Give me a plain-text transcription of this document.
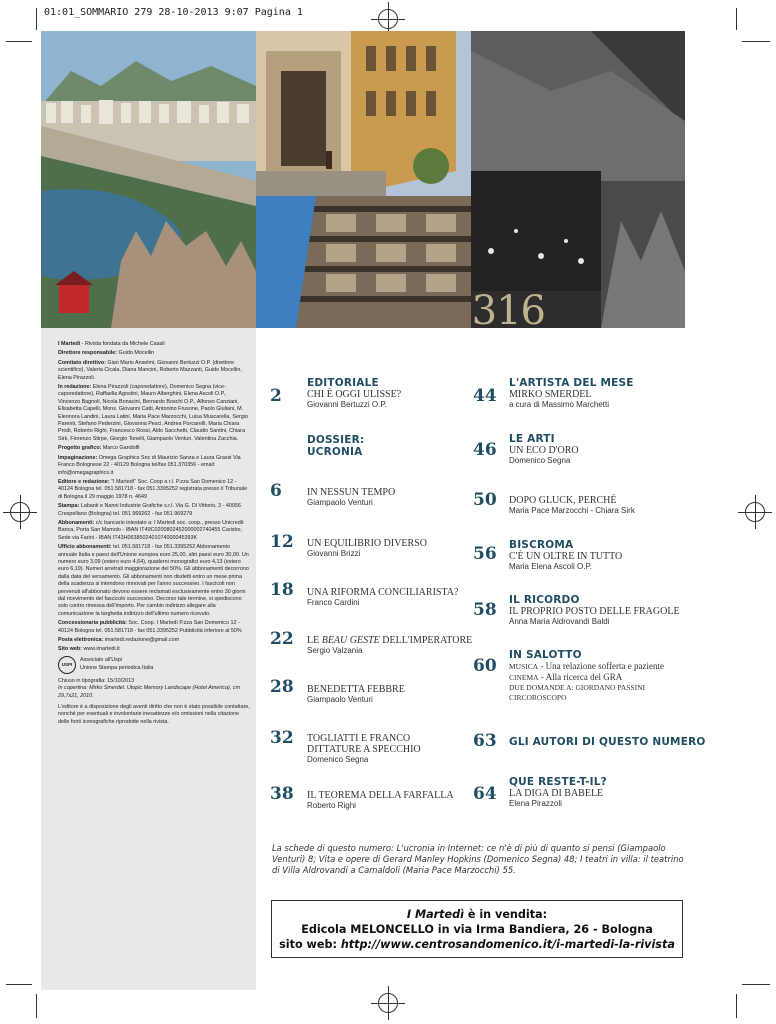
01:01_SOMMARIO 279 28-10-2013 9:07 Pagina 1
316

I Martedì - Rivista fondata da Michele Casali

Direttore responsabile: Guido Mocellin

Comitato direttivo: Gian Mario Anselmi, Giovanni Bertuzzi O.P. (direttore scientifico), Valeria Cicala, Diana Mancini, Roberto Mazzanti, Guido Mocellin, Elena Pirazzoli.

In redazione: Elena Pirazzoli (caporedattore), Domenico Segna (vice-caporedattore), Raffaella Agostini, Mauro Alberghini, Elena Ascoli O.P., Vincenzo Bagnoli, Nicola Bonacini, Bernardo Boschi O.P., Alfonso Canziani, Elisabetta Capelli, Mons. Giovanni Catti, Antonino Frusone, Paolo Giuliani, M. Eleonora Landini, Laura Latini, Maria Pace Marzocchi, Luisa Muscarella, Sergio Parenti, Stefano Pederzini, Giovanna Pesci, Andrea Porcarelli, Maria Chiara Prodi, Roberto Righi, Francesco Rossi, Aldo Sacchetti, Claudio Santini, Chiara Sirk, Fiorenzo Stirpe, Giorgio Tonelli, Giampaolo Venturi, Valentina Zacchia.

Progetto grafico: Marco Gandolfi

Impaginazione: Omega Graphics Snc di Maurizio Sanza e Laura Grassi Via Franco Bolognese 22 - 40129 Bologna tel/fax 051.370356 - email: info@omegagraphics.it

Editore e redazione: "I Martedì" Soc. Coop a r.l. P.zza San Domenico 12 - 40124 Bologna tel. 051.581718 - fax 051.3395252 registrata presso il Tribunale di Bologna il 29 maggio 1978 n. 4649

Stampa: Labanti e Nanni Industrie Grafiche s.r.l. Via G. Di Vittorio, 3 - 40056 Crespellano (Bologna) tel. 051.969262 - fax 051.969279

Abbonamenti: c/c bancario intestato a: I Martedì soc. coop., presso Unicredit Banca, Porta San Mamolo - IBAN IT49C0200802452000002740455 Carisbo, Sede via Farini - IBAN IT43H0638502401074000045393K

Ufficio abbonamenti: tel. 051.581718 - fax 051.3395252 Abbonamento annuale Italia e paesi dell'Unione europea euro 25,00, altri paesi euro 30,00. Un numero euro 3,09 (estero euro 4,64), quaderni monografici euro 4,13 (estero euro 6,19). Numeri arretrati maggiorazione del 50%. Gli abbonamenti decorrono dalla data del versamento. Gli abbonamenti non disdetti entro un mese prima della scadenza si intendono rinnovati per l'anno successivo. I fascicoli non pervenuti all'abbonato devono essere reclamati esclusivamente entro 30 giorni dal ricevimento del fascicolo successivo. Decorso tale termine, si spediscono solo contro rimessa dell'importo. Per cambio indirizzo allegare alla comunicazione la targhetta indirizzo dell'ultimo numero ricevuto.

Concessionaria pubblicità: Soc. Coop. I Martedì P.zza San Domenico 12 - 40124 Bologna tel. 051.581718 - fax 051.3395252 Pubblicità inferiore al 50%

Posta elettronica: imartedi.redazione@gmail.com

Sito web: www.imartedi.it

USPI
Associato all'Uspi
Unione Stampa periodica Italia
Chiuso in tipografia: 15/10/2013
In copertina: Mirko Smerdel. Utopic Memory Landscape (Hotel America), cm 29,7x21, 2010.
L'editore è a disposizione degli aventi diritto che non è stato possibile contattare, nonché per eventuali e involontarie inesattezze e/o omissioni nella citazione delle fonti iconografiche riprodotte nella rivista.
2
EDITORIALE
CHI È OGGI ULISSE?
Giovanni Bertuzzi O.P.
DOSSIER:
UCRONIA
6	IN NESSUN TEMPO
Giampaolo Venturi
12 UN EQUILIBRIO DIVERSO
Giovanni Brizzi
18 UNA RIFORMA CONCILIARISTA?
Franco Cardini
22 LE BEAU GESTE DELL'IMPERATORE
Sergio Valzania
28 BENEDETTA FEBBRE
Giampaolo Venturi
32 TOGLIATTI E FRANCO
DITTATURE A SPECCHIO
Domenico Segna
38 IL TEOREMA DELLA FARFALLA
Roberto Righi
44
L'ARTISTA DEL MESE
MIRKO SMERDEL
a cura di Massimo Marchetti
46
LE ARTI
UN ECO D'ORO
Domenico Segna
50 DOPO GLUCK, PERCHÉ
Maria Pace Marzocchi - Chiara Sirk
56 BISCROMA
C'È UN OLTRE IN TUTTO
Maria Elena Ascoli O.P.
58 IL RICORDO
IL PROPRIO POSTO DELLE FRAGOLE
Anna Maria Aldrovandi Baldi
60
IN SALOTTO
MUSICA - Una relazione sofferta e paziente
CINEMA - Alla ricerca del GRA
DUE DOMANDE A: GIORDANO PASSINI
CIRCOROSCOPO
63 GLI AUTORI DI QUESTO NUMERO
64
QUE RESTE-T-IL?
LA DIGA DI BABELE
Elena Pirazzoli
La schede di questo numero: L'ucronia in Internet: ce n'è di più di quanto si pensi (Giampaolo Venturi) 8; Vita e opere di Gerard Manley Hopkins (Domenico Segna) 48; I teatri in villa: il teatrino di Villa Aldrovandi a Camaldoli (Maria Pace Marzocchi) 55.
I Martedì è in vendita:
Edicola MELONCELLO in via Irma Bandiera, 26 - Bologna
sito web: http://www.centrosandomenico.it/i-martedi-la-rivista
